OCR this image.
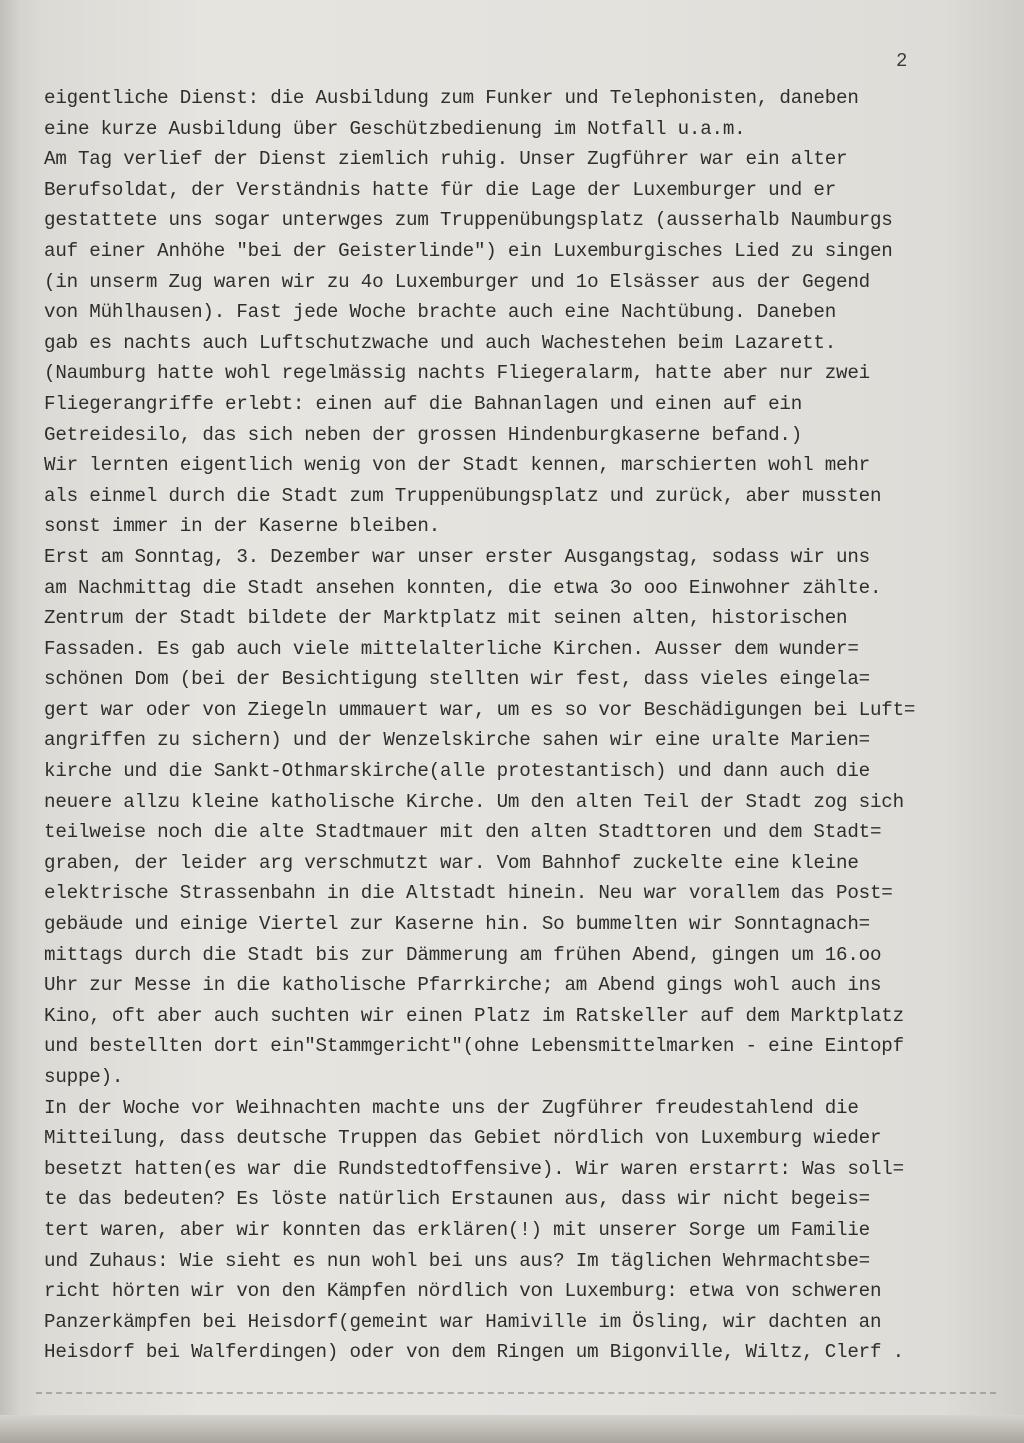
2
eigentliche Dienst: die Ausbildung zum Funker und Telephonisten, daneben
eine kurze Ausbildung über Geschützbedienung im Notfall u.a.m.
Am Tag verlief der Dienst ziemlich ruhig. Unser Zugführer war ein alter
Berufsoldat, der Verständnis hatte für die Lage der Luxemburger und er
gestattete uns sogar unterwges zum Truppenübungsplatz (ausserhalb Naumburgs
auf einer Anhöhe "bei der Geisterlinde") ein Luxemburgisches Lied zu singen
(in unserm Zug waren wir zu 4o Luxemburger und 1o Elsässer aus der Gegend
von Mühlhausen). Fast jede Woche brachte auch eine Nachtübung. Daneben
gab es nachts auch Luftschutzwache und auch Wachestehen beim Lazarett.
(Naumburg hatte wohl regelmässig nachts Fliegeralarm, hatte aber nur zwei
Fliegerangriffe erlebt: einen auf die Bahnanlagen und einen auf ein
Getreidesilo, das sich neben der grossen Hindenburgkaserne befand.)
Wir lernten eigentlich wenig von der Stadt kennen, marschierten wohl mehr
als einmel durch die Stadt zum Truppenübungsplatz und zurück, aber mussten
sonst immer in der Kaserne bleiben.
Erst am Sonntag, 3. Dezember war unser erster Ausgangstag, sodass wir uns
am Nachmittag die Stadt ansehen konnten, die etwa 3o ooo Einwohner zählte.
Zentrum der Stadt bildete der Marktplatz mit seinen alten, historischen
Fassaden. Es gab auch viele mittelalterliche Kirchen. Ausser dem wunder=
schönen Dom (bei der Besichtigung stellten wir fest, dass vieles eingela=
gert war oder von Ziegeln ummauert war, um es so vor Beschädigungen bei Luft=
angriffen zu sichern) und der Wenzelskirche sahen wir eine uralte Marien=
kirche und die Sankt-Othmarskirche(alle protestantisch) und dann auch die
neuere allzu kleine katholische Kirche. Um den alten Teil der Stadt zog sich
teilweise noch die alte Stadtmauer mit den alten Stadttoren und dem Stadt=
graben, der leider arg verschmutzt war. Vom Bahnhof zuckelte eine kleine
elektrische Strassenbahn in die Altstadt hinein. Neu war vorallem das Post=
gebäude und einige Viertel zur Kaserne hin. So bummelten wir Sonntagnach=
mittags durch die Stadt bis zur Dämmerung am frühen Abend, gingen um 16.oo
Uhr zur Messe in die katholische Pfarrkirche; am Abend gings wohl auch ins
Kino, oft aber auch suchten wir einen Platz im Ratskeller auf dem Marktplatz
und bestellten dort ein"Stammgericht"(ohne Lebensmittelmarken - eine Eintopf
suppe).
In der Woche vor Weihnachten machte uns der Zugführer freudestahlend die
Mitteilung, dass deutsche Truppen das Gebiet nördlich von Luxemburg wieder
besetzt hatten(es war die Rundstedtoffensive). Wir waren erstarrt: Was soll=
te das bedeuten? Es löste natürlich Erstaunen aus, dass wir nicht begeis=
tert waren, aber wir konnten das erklären(!) mit unserer Sorge um Familie
und Zuhaus: Wie sieht es nun wohl bei uns aus? Im täglichen Wehrmachtsbe=
richt hörten wir von den Kämpfen nördlich von Luxemburg: etwa von schweren
Panzerkämpfen bei Heisdorf(gemeint war Hamiville im Ösling, wir dachten an
Heisdorf bei Walferdingen) oder von dem Ringen um Bigonville, Wiltz, Clerf .
